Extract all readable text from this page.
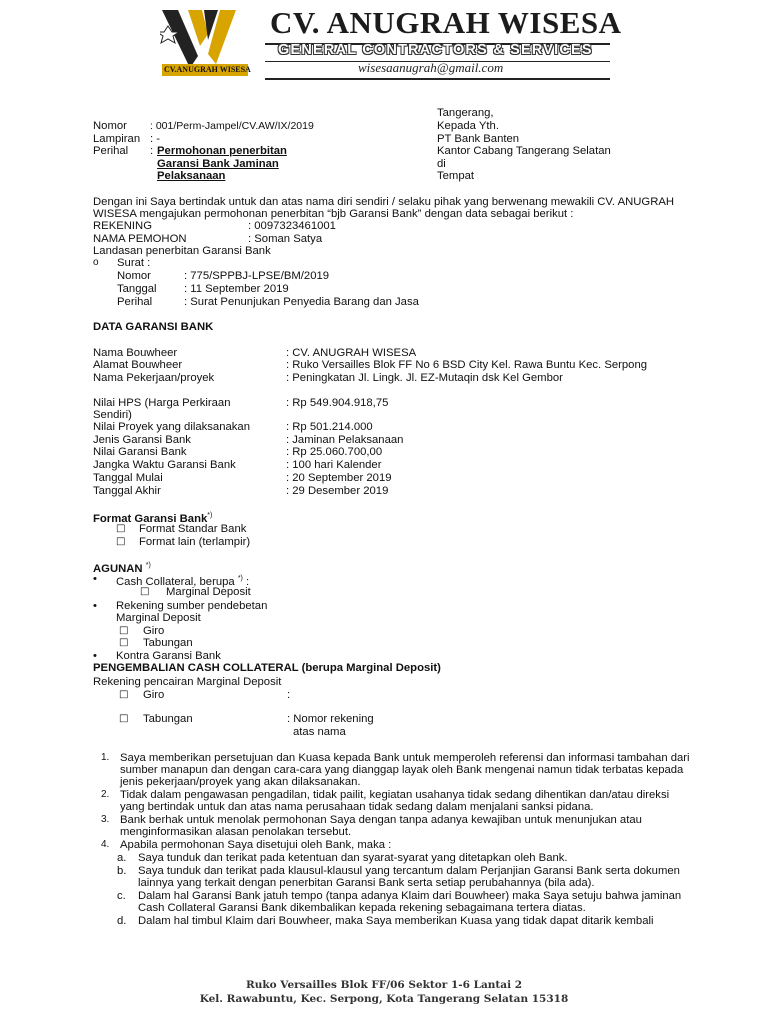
CV.ANUGRAH WISESA
CV. ANUGRAH WISESA
GENERAL CONTRACTORS & SERVICES
wisesaanugrah@gmail.com
Tangerang,
Kepada Yth.
PT Bank Banten
Kantor Cabang Tangerang Selatan
di
Tempat
Nomor : 001/Perm-Jampel/CV.AW/IX/2019
Lampiran : -
Perihal : Permohonan penerbitan
Garansi Bank Jaminan
Pelaksanaan
Dengan ini Saya bertindak untuk dan atas nama diri sendiri / selaku pihak yang berwenang mewakili CV. ANUGRAH
WISESA mengajukan permohonan penerbitan “bjb Garansi Bank” dengan data sebagai berikut :
REKENING	: 0097323461001
NAMA PEMOHON	: Soman Satya
Landasan penerbitan Garansi Bank
o Surat :
Nomor	: 775/SPPBJ-LPSE/BM/2019
Tanggal : 11 September 2019
Perihal	: Surat Penunjukan Penyedia Barang dan Jasa
DATA GARANSI BANK
Nama Bouwheer	: CV. ANUGRAH WISESA
Alamat Bouwheer	: Ruko Versailles Blok FF No 6 BSD City Kel. Rawa Buntu Kec. Serpong
Nama Pekerjaan/proyek	: Peningkatan Jl. Lingk. Jl. EZ-Mutaqin dsk Kel Gembor
Nilai HPS (Harga Perkiraan
Sendiri)
: Rp 549.904.918,75
Nilai Proyek yang dilaksanakan	: Rp 501.214.000
Jenis Garansi Bank	: Jaminan Pelaksanaan
Nilai Garansi Bank	: Rp 25.060.700,00
Jangka Waktu Garansi Bank	: 100 hari Kalender
Tanggal Mulai	: 20 September 2019
Tanggal Akhir	: 29 Desember 2019
Format Garansi Bank*)
□ Format Standar Bank
□ Format lain (terlampir)
AGUNAN *)
• Cash Collateral, berupa *) :
□ Marginal Deposit
• Rekening sumber pendebetan
Marginal Deposit
□ Giro
□ Tabungan
• Kontra Garansi Bank
PENGEMBALIAN CASH COLLATERAL (berupa Marginal Deposit)
Rekening pencairan Marginal Deposit
□ Giro	:
□ Tabungan	: Nomor rekening
atas nama
1. Saya memberikan persetujuan dan Kuasa kepada Bank untuk memperoleh referensi dan informasi tambahan dari
sumber manapun dan dengan cara-cara yang dianggap layak oleh Bank mengenai namun tidak terbatas kepada
jenis pekerjaan/proyek yang akan dilaksanakan.
2. Tidak dalam pengawasan pengadilan, tidak pailit, kegiatan usahanya tidak sedang dihentikan dan/atau direksi
yang bertindak untuk dan atas nama perusahaan tidak sedang dalam menjalani sanksi pidana.
3. Bank berhak untuk menolak permohonan Saya dengan tanpa adanya kewajiban untuk menunjukan atau
menginformasikan alasan penolakan tersebut.
4. Apabila permohonan Saya disetujui oleh Bank, maka :
a. Saya tunduk dan terikat pada ketentuan dan syarat-syarat yang ditetapkan oleh Bank.
b. Saya tunduk dan terikat pada klausul-klausul yang tercantum dalam Perjanjian Garansi Bank serta dokumen
lainnya yang terkait dengan penerbitan Garansi Bank serta setiap perubahannya (bila ada).
c. Dalam hal Garansi Bank jatuh tempo (tanpa adanya Klaim dari Bouwheer) maka Saya setuju bahwa jaminan
Cash Collateral Garansi Bank dikembalikan kepada rekening sebagaimana tertera diatas.
d. Dalam hal timbul Klaim dari Bouwheer, maka Saya memberikan Kuasa yang tidak dapat ditarik kembali
Ruko Versailles Blok FF/06 Sektor 1-6 Lantai 2
Kel. Rawabuntu, Kec. Serpong, Kota Tangerang Selatan 15318
